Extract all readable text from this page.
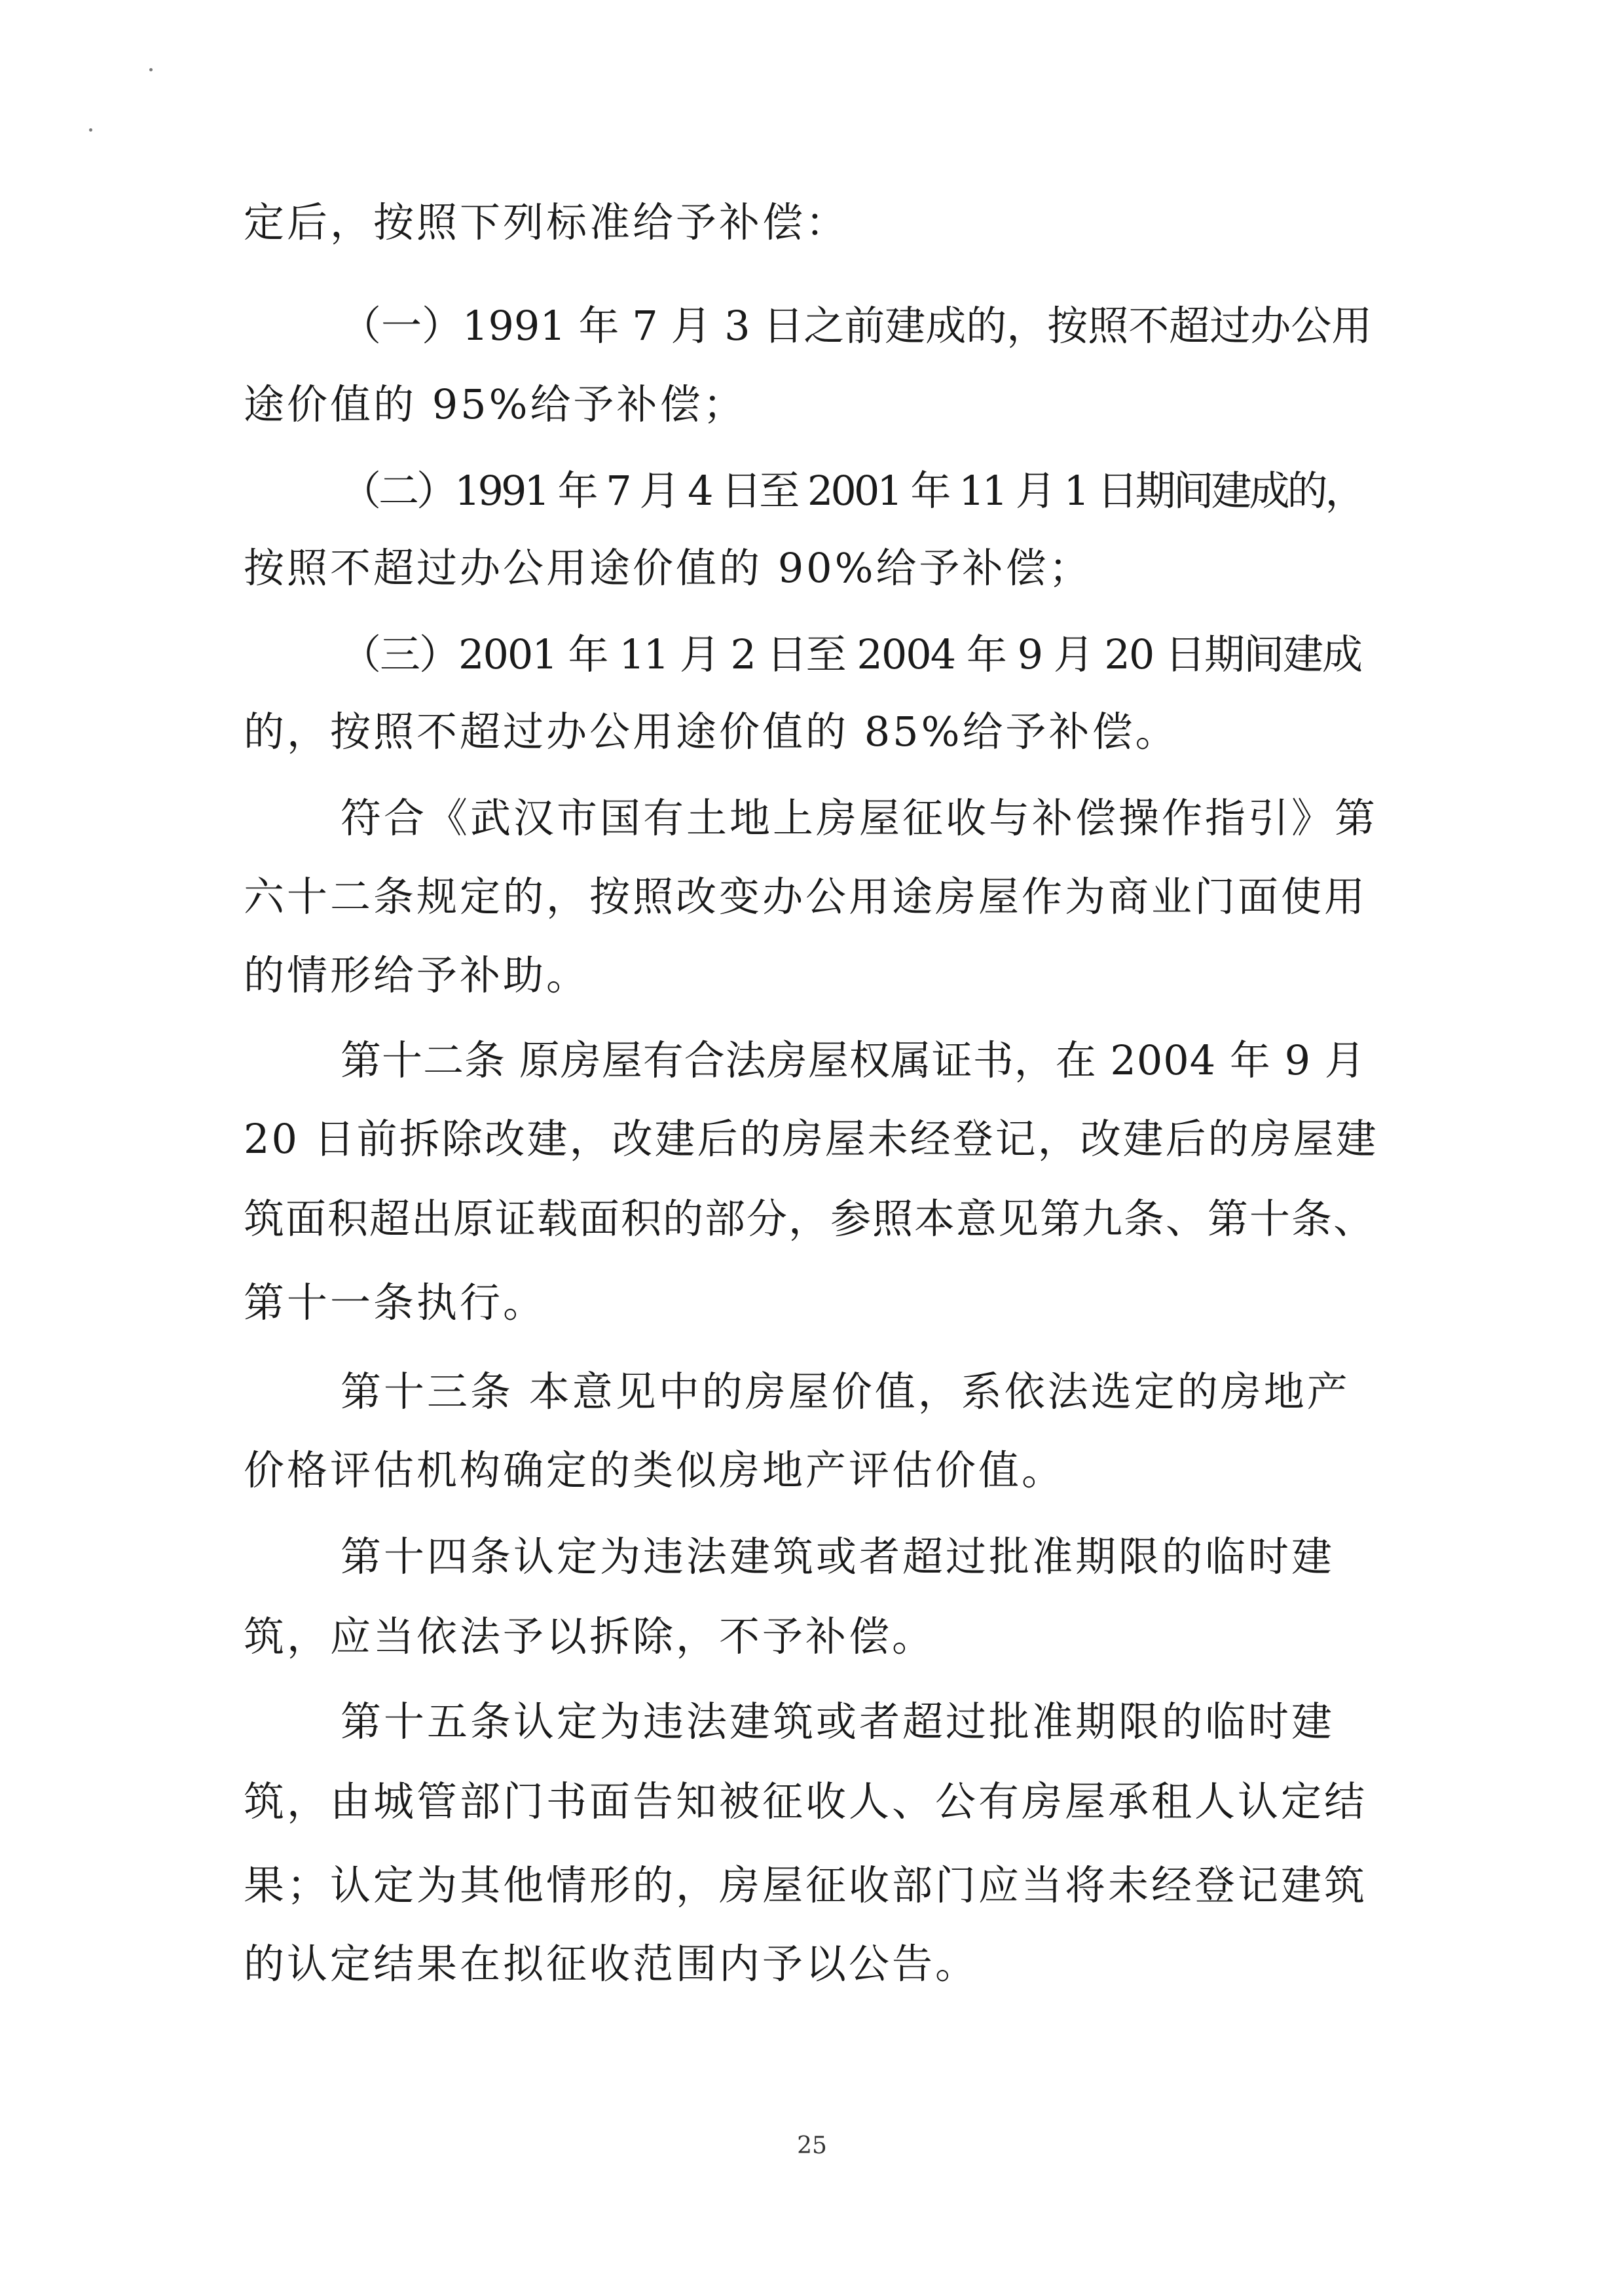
定后，按照下列标准给予补偿：
（一）1991 年 7 月 3 日之前建成的，按照不超过办公用
途价值的 95%给予补偿；
（二）1991 年 7 月 4 日至 2001 年 11 月 1 日期间建成的，
按照不超过办公用途价值的 90%给予补偿；
（三）2001 年 11 月 2 日至 2004 年 9 月 20 日期间建成
的，按照不超过办公用途价值的 85%给予补偿。
符合《武汉市国有土地上房屋征收与补偿操作指引》第
六十二条规定的，按照改变办公用途房屋作为商业门面使用
的情形给予补助。
第十二条 原房屋有合法房屋权属证书，在 2004 年 9 月
20 日前拆除改建，改建后的房屋未经登记，改建后的房屋建
筑面积超出原证载面积的部分，参照本意见第九条、第十条、
第十一条执行。
第十三条 本意见中的房屋价值，系依法选定的房地产
价格评估机构确定的类似房地产评估价值。
第十四条认定为违法建筑或者超过批准期限的临时建
筑，应当依法予以拆除，不予补偿。
第十五条认定为违法建筑或者超过批准期限的临时建
筑，由城管部门书面告知被征收人、公有房屋承租人认定结
果；认定为其他情形的，房屋征收部门应当将未经登记建筑
的认定结果在拟征收范围内予以公告。
25
